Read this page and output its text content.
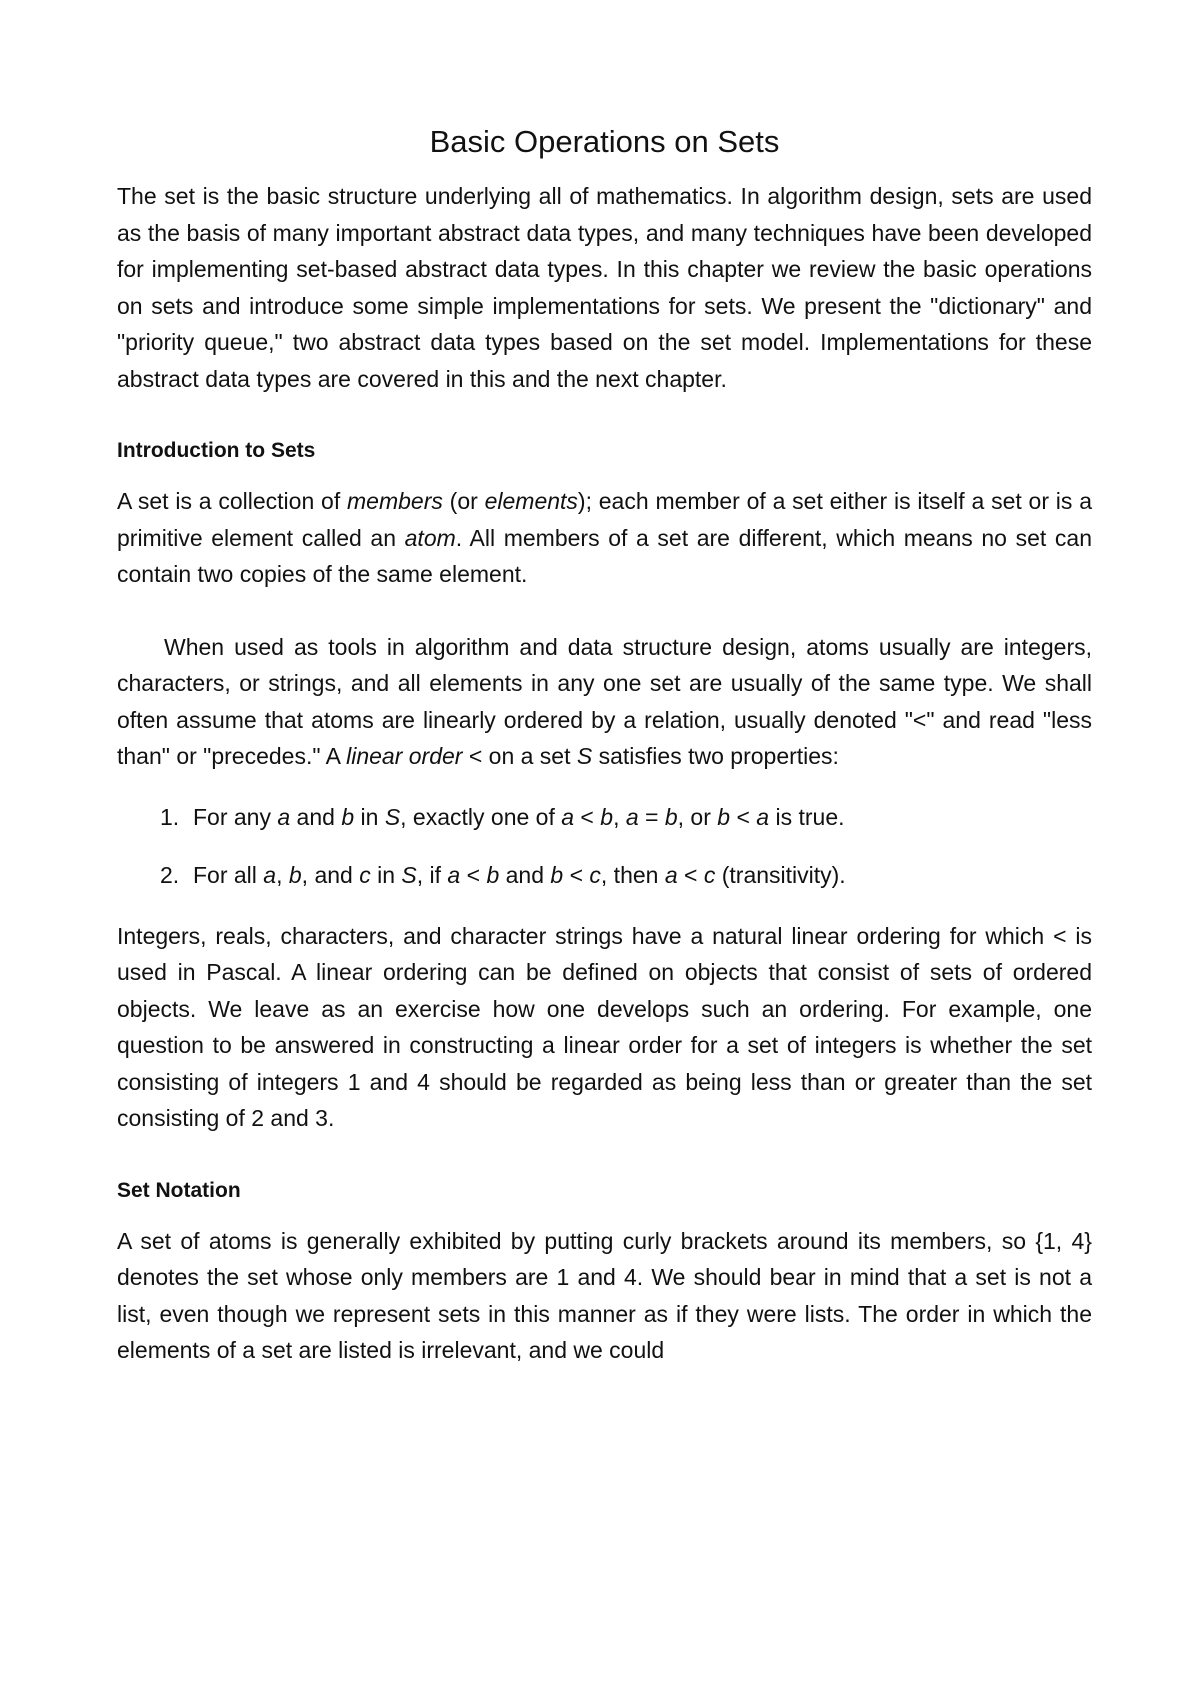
Basic Operations on Sets

The set is the basic structure underlying all of mathematics. In algorithm design, sets are used as the basis of many important abstract data types, and many techniques have been developed for implementing set-based abstract data types. In this chapter we review the basic operations on sets and introduce some simple implementations for sets. We present the "dictionary" and "priority queue," two abstract data types based on the set model. Implementations for these abstract data types are covered in this and the next chapter.

Introduction to Sets

A set is a collection of members (or elements); each member of a set either is itself a set or is a primitive element called an atom. All members of a set are different, which means no set can contain two copies of the same element.

When used as tools in algorithm and data structure design, atoms usually are integers, characters, or strings, and all elements in any one set are usually of the same type. We shall often assume that atoms are linearly ordered by a relation, usually denoted "<" and read "less than" or "precedes." A linear order < on a set S satisfies two properties:

1. For any a and b in S, exactly one of a < b, a = b, or b < a is true.
2. For all a, b, and c in S, if a < b and b < c, then a < c (transitivity).

Integers, reals, characters, and character strings have a natural linear ordering for which < is used in Pascal. A linear ordering can be defined on objects that consist of sets of ordered objects. We leave as an exercise how one develops such an ordering. For example, one question to be answered in constructing a linear order for a set of integers is whether the set consisting of integers 1 and 4 should be regarded as being less than or greater than the set consisting of 2 and 3.

Set Notation

A set of atoms is generally exhibited by putting curly brackets around its members, so {1, 4} denotes the set whose only members are 1 and 4. We should bear in mind that a set is not a list, even though we represent sets in this manner as if they were lists. The order in which the elements of a set are listed is irrelevant, and we could
